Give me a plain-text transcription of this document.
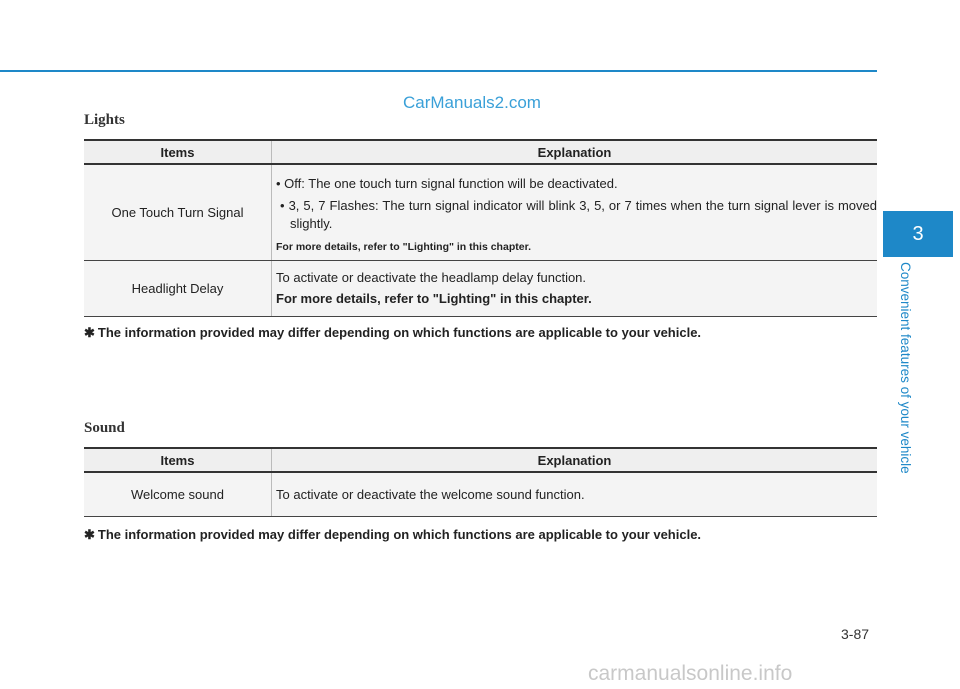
CarManuals2.com
Lights
Items	Explanation
One Touch Turn Signal	• Off: The one touch turn signal function will be deactivated.
• 3, 5, 7 Flashes: The turn signal indicator will blink 3, 5, or 7 times when the turn signal lever is moved slightly.
For more details, refer to "Lighting" in this chapter.

Headlight Delay	To activate or deactivate the headlamp delay function.
For more details, refer to "Lighting" in this chapter.
✱ The information provided may differ depending on which functions are applicable to your vehicle.
Sound
Items	Explanation
Welcome sound	To activate or deactivate the welcome sound function.
✱ The information provided may differ depending on which functions are applicable to your vehicle.
3
Convenient features of your vehicle
3-87
carmanualsonline.info
